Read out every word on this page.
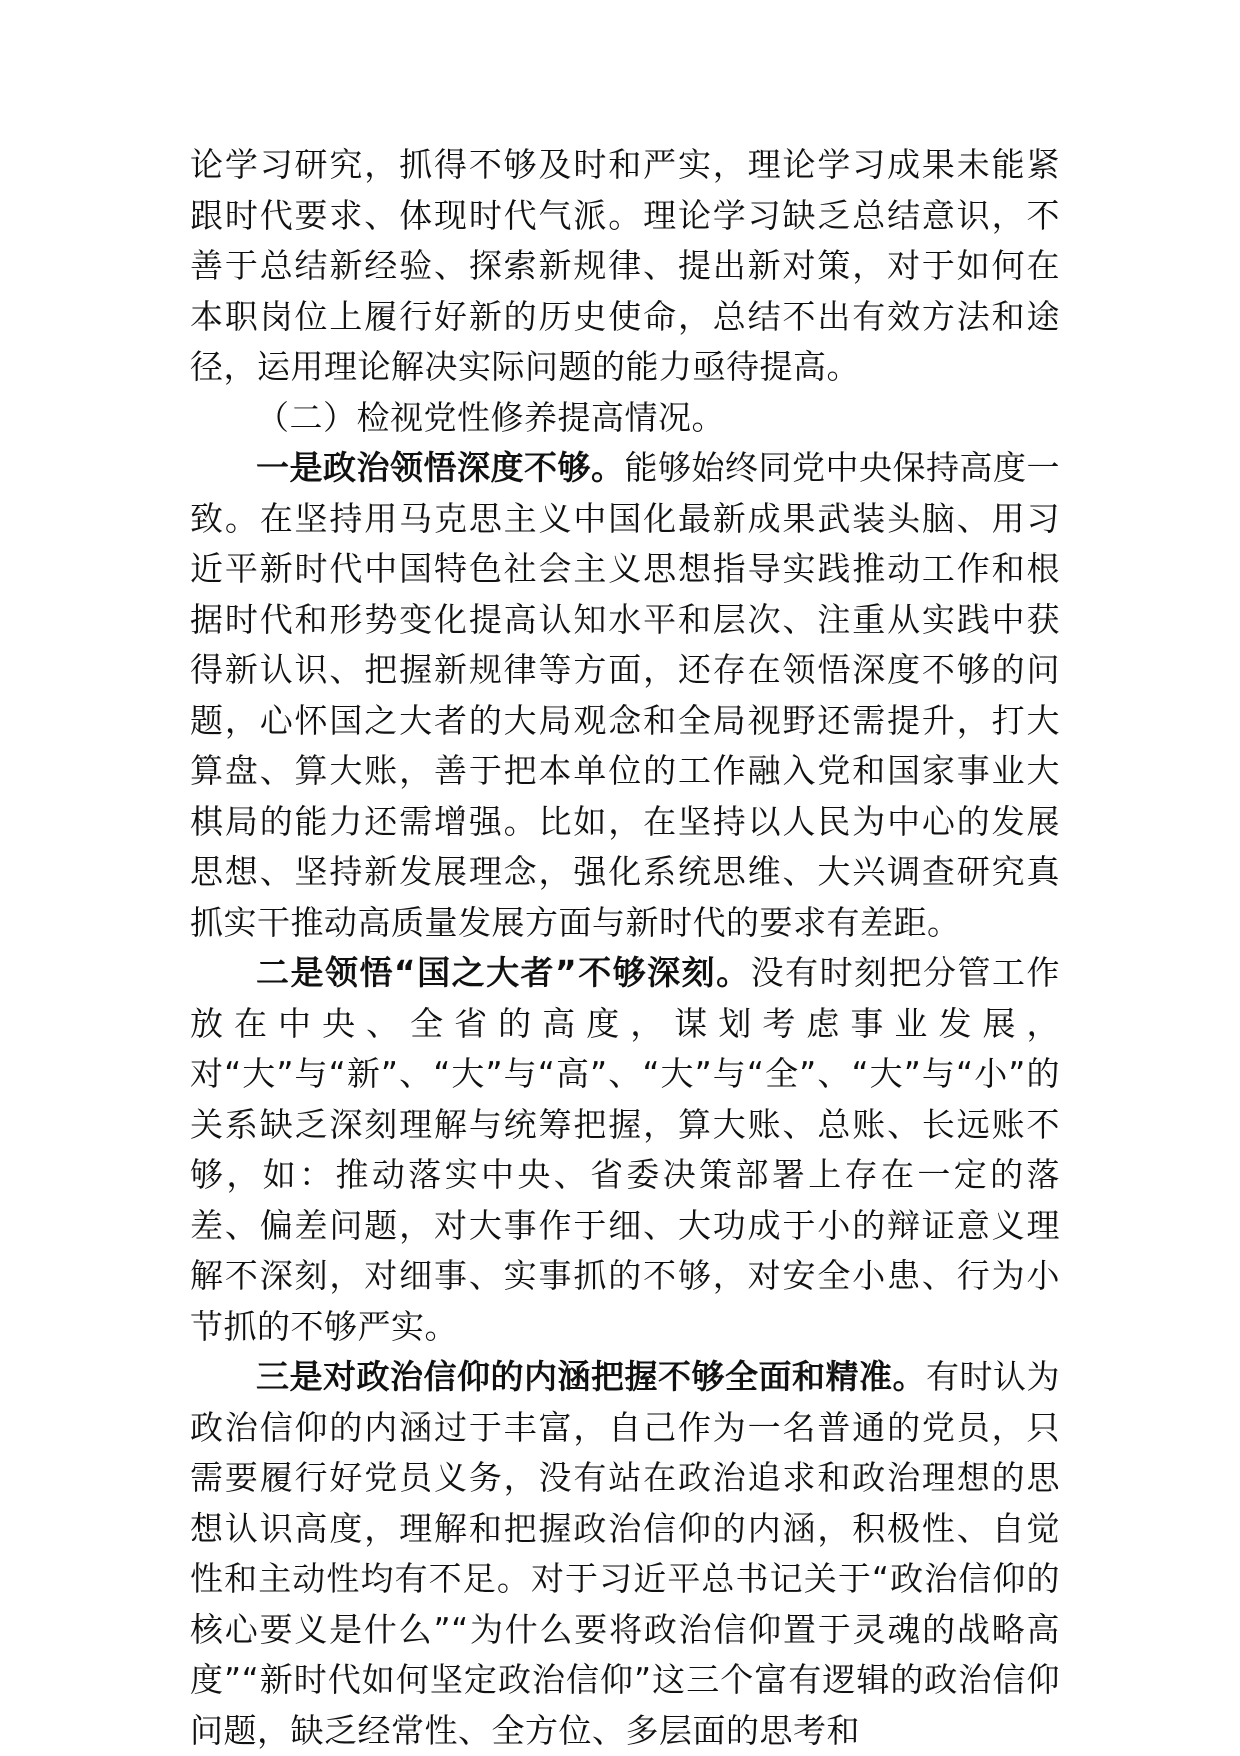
论学习研究，抓得不够及时和严实，理论学习成果未能紧跟时代要求、体现时代气派。理论学习缺乏总结意识，不善于总结新经验、探索新规律、提出新对策，对于如何在本职岗位上履行好新的历史使命，总结不出有效方法和途径，运用理论解决实际问题的能力亟待提高。

（二）检视党性修养提高情况。

一是政治领悟深度不够。能够始终同党中央保持高度一致。在坚持用马克思主义中国化最新成果武装头脑、用习近平新时代中国特色社会主义思想指导实践推动工作和根据时代和形势变化提高认知水平和层次、注重从实践中获得新认识、把握新规律等方面，还存在领悟深度不够的问题，心怀国之大者的大局观念和全局视野还需提升，打大算盘、算大账，善于把本单位的工作融入党和国家事业大棋局的能力还需增强。比如，在坚持以人民为中心的发展思想、坚持新发展理念，强化系统思维、大兴调查研究真抓实干推动高质量发展方面与新时代的要求有差距。

二是领悟“国之大者”不够深刻。没有时刻把分管工作放在中央、全省的高度，谋划考虑事业发展，对“大”与“新”、“大”与“高”、“大”与“全”、“大”与“小”的关系缺乏深刻理解与统筹把握，算大账、总账、长远账不够，如：推动落实中央、省委决策部署上存在一定的落差、偏差问题，对大事作于细、大功成于小的辩证意义理解不深刻，对细事、实事抓的不够，对安全小患、行为小节抓的不够严实。

三是对政治信仰的内涵把握不够全面和精准。有时认为政治信仰的内涵过于丰富，自己作为一名普通的党员，只需要履行好党员义务，没有站在政治追求和政治理想的思想认识高度，理解和把握政治信仰的内涵，积极性、自觉性和主动性均有不足。对于习近平总书记关于“政治信仰的核心要义是什么”“为什么要将政治信仰置于灵魂的战略高度”“新时代如何坚定政治信仰”这三个富有逻辑的政治信仰问题，缺乏经常性、全方位、多层面的思考和
